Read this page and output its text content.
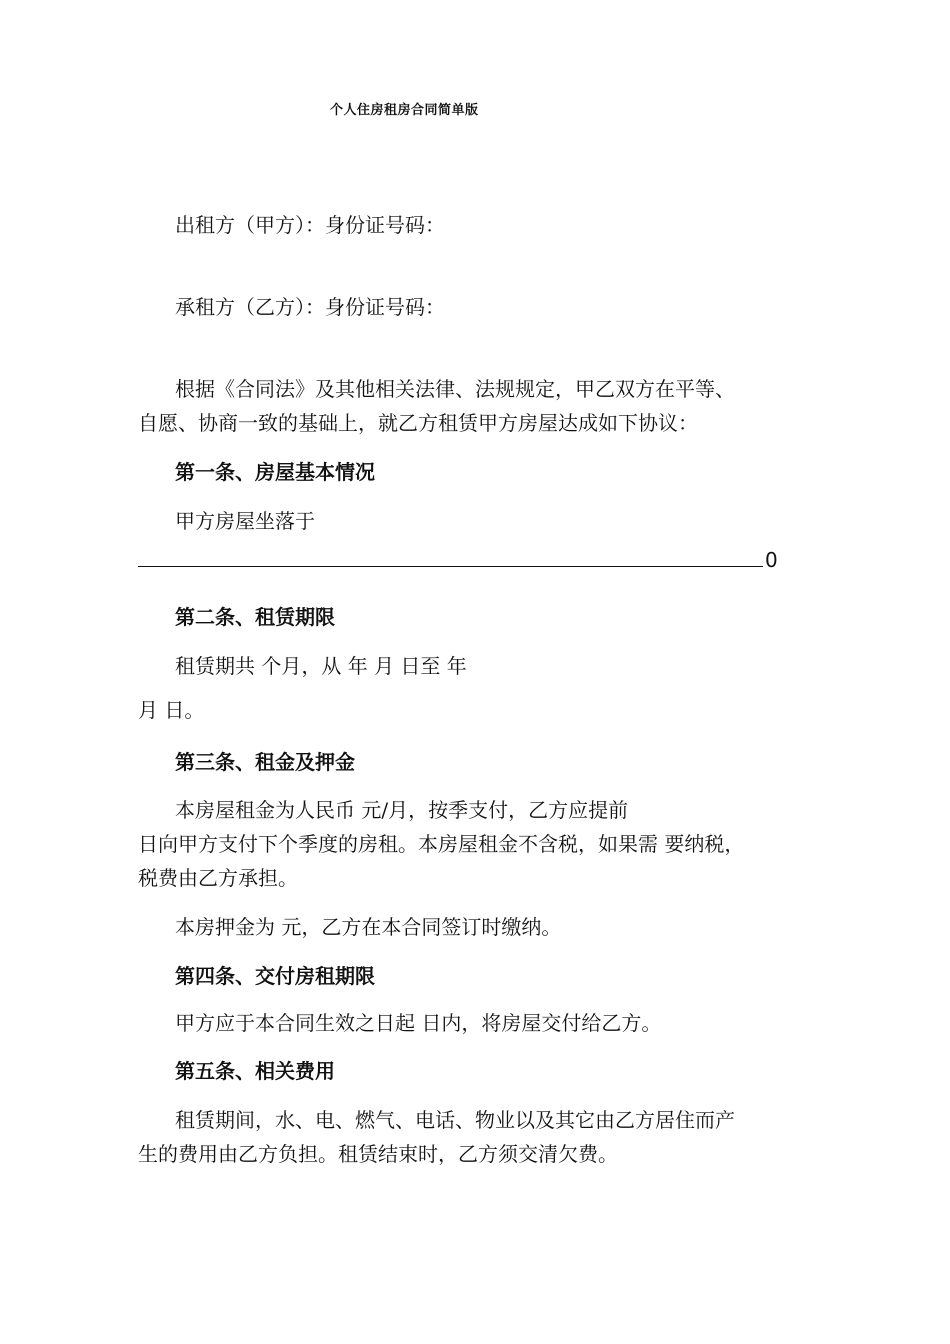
个人住房租房合同简单版
出租方（甲方）：身份证号码：
承租方（乙方）：身份证号码：
根据《合同法》及其他相关法律、法规规定，甲乙双方在平等、
自愿、协商一致的基础上，就乙方租赁甲方房屋达成如下协议：
第一条、房屋基本情况
甲方房屋坐落于
0
第二条、租赁期限
租赁期共 个月，从 年 月 日至 年
月 日。
第三条、租金及押金
本房屋租金为人民币 元/月，按季支付，乙方应提前
日向甲方支付下个季度的房租。本房屋租金不含税，如果需 要纳税，
税费由乙方承担。
本房押金为 元，乙方在本合同签订时缴纳。
第四条、交付房租期限
甲方应于本合同生效之日起 日内，将房屋交付给乙方。
第五条、相关费用
租赁期间，水、电、燃气、电话、物业以及其它由乙方居住而产
生的费用由乙方负担。租赁结束时，乙方须交清欠费。
